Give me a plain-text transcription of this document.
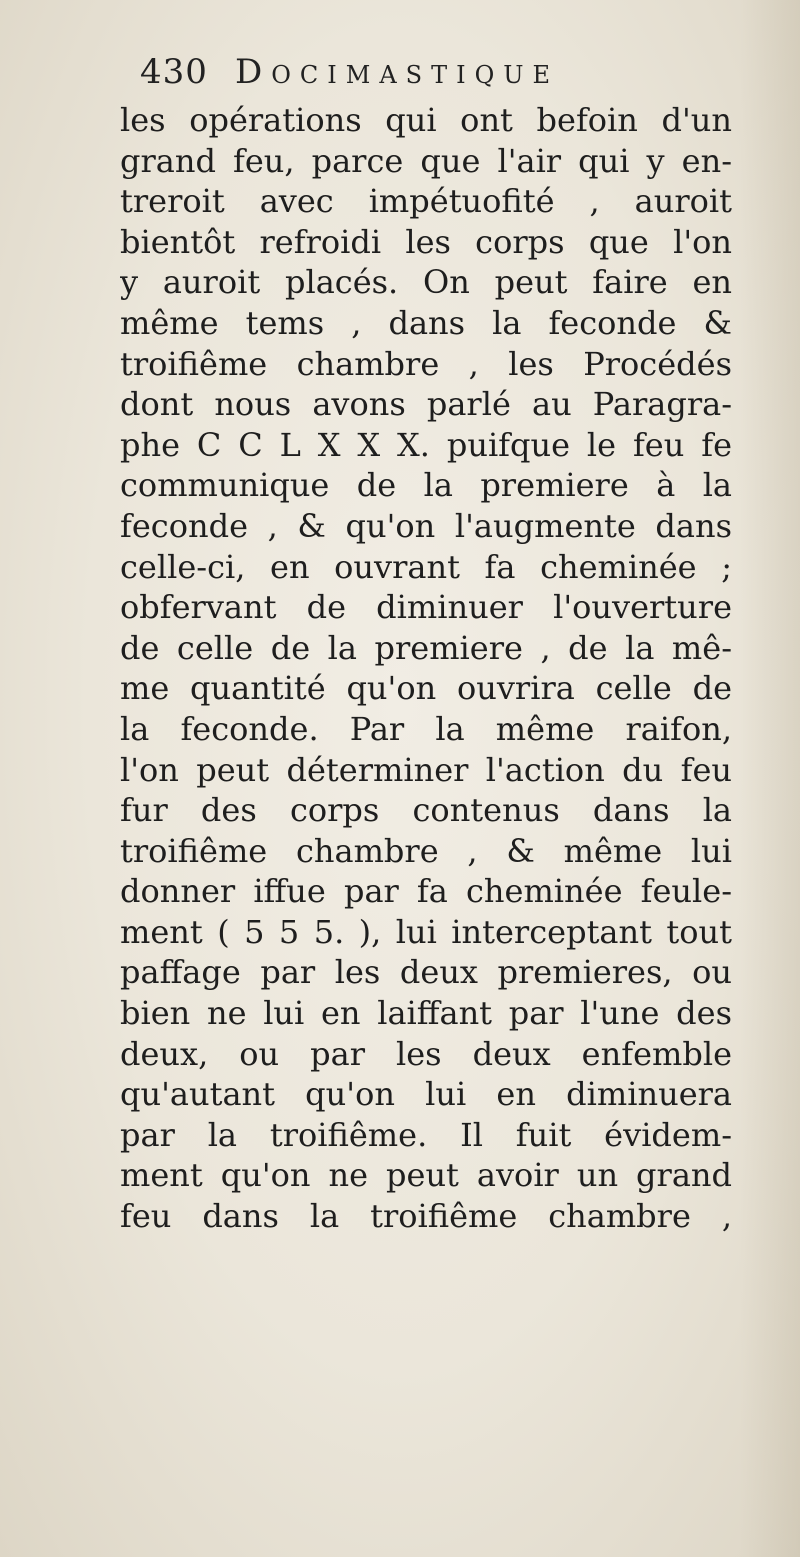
430 Docimastique
les opérations qui ont befoin d'un
grand feu, parce que l'air qui y en-
treroit avec impétuofité , auroit
bientôt refroidi les corps que l'on
y auroit placés. On peut faire en
même tems , dans la feconde &
troifiême chambre , les Procédés
dont nous avons parlé au Paragra-
phe C C L X X X. puifque le feu fe
communique de la premiere à la
feconde , & qu'on l'augmente dans
celle-ci, en ouvrant fa cheminée ;
obfervant de diminuer l'ouverture
de celle de la premiere , de la mê-
me quantité qu'on ouvrira celle de
la feconde. Par la même raifon,
l'on peut déterminer l'action du feu
fur des corps contenus dans la
troifiême chambre , & même lui
donner iffue par fa cheminée feule-
ment ( 5 5 5. ), lui interceptant tout
paffage par les deux premieres, ou
bien ne lui en laiffant par l'une des
deux, ou par les deux enfemble
qu'autant qu'on lui en diminuera
par la troifiême. Il fuit évidem-
ment qu'on ne peut avoir un grand
feu dans la troifiême chambre ,
